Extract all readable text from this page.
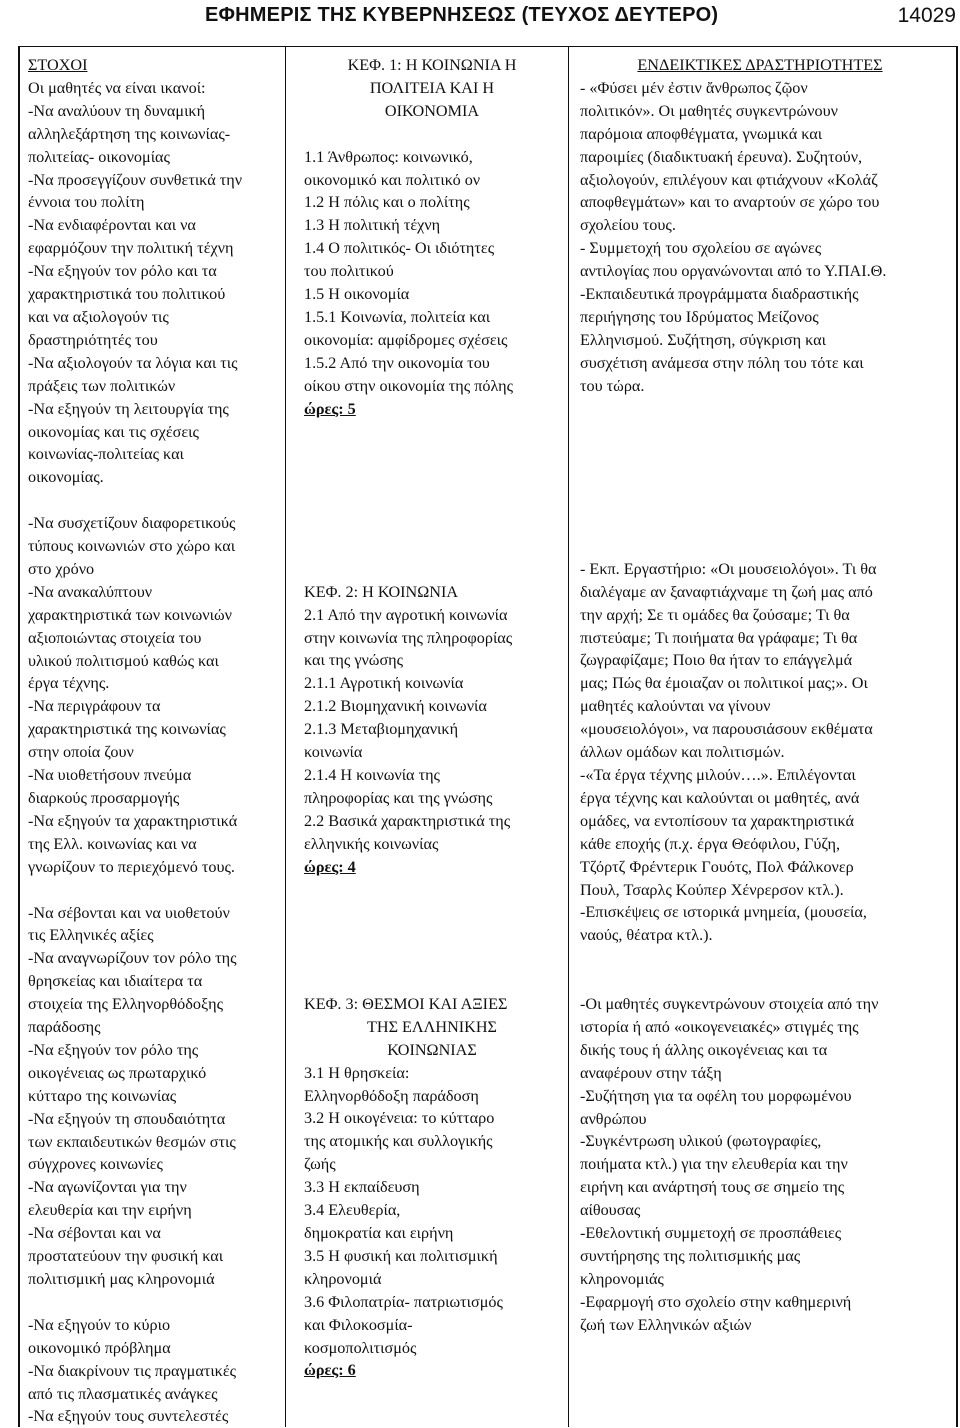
ΕΦΗΜΕΡΙΣ ΤΗΣ ΚΥΒΕΡΝΗΣΕΩΣ (ΤΕΥΧΟΣ ΔΕΥΤΕΡΟ)	14029
ΣΤΟΧΟΙ
Οι μαθητές να είναι ικανοί:
-Να αναλύουν τη δυναμική
αλληλεξάρτηση της κοινωνίας-
πολιτείας- οικονομίας
-Να προσεγγίζουν συνθετικά την
έννοια του πολίτη
-Να ενδιαφέρονται και να
εφαρμόζουν την πολιτική τέχνη
-Να εξηγούν τον ρόλο και τα
χαρακτηριστικά του πολιτικού
και να αξιολογούν τις
δραστηριότητές του
-Να αξιολογούν τα λόγια και τις
πράξεις των πολιτικών
-Να εξηγούν τη λειτουργία της
οικονομίας και τις σχέσεις
κοινωνίας-πολιτείας και
οικονομίας.
-Να συσχετίζουν διαφορετικούς
τύπους κοινωνιών στο χώρο και
στο χρόνο
-Να ανακαλύπτουν
χαρακτηριστικά των κοινωνιών
αξιοποιώντας στοιχεία του
υλικού πολιτισμού καθώς και
έργα τέχνης.
-Να περιγράφουν τα
χαρακτηριστικά της κοινωνίας
στην οποία ζουν
-Να υιοθετήσουν πνεύμα
διαρκούς προσαρμογής
-Να εξηγούν τα χαρακτηριστικά
της Ελλ. κοινωνίας και να
γνωρίζουν το περιεχόμενό τους.
-Να σέβονται και να υιοθετούν
τις Ελληνικές αξίες
-Να αναγνωρίζουν τον ρόλο της
θρησκείας και ιδιαίτερα τα
στοιχεία της Ελληνορθόδοξης
παράδοσης
-Να εξηγούν τον ρόλο της
οικογένειας ως πρωταρχικό
κύτταρο της κοινωνίας
-Να εξηγούν τη σπουδαιότητα
των εκπαιδευτικών θεσμών στις
σύγχρονες κοινωνίες
-Να αγωνίζονται για την
ελευθερία και την ειρήνη
-Να σέβονται και να
προστατεύουν την φυσική και
πολιτισμική μας κληρονομιά
-Να εξηγούν το κύριο
οικονομικό πρόβλημα
-Να διακρίνουν τις πραγματικές
από τις πλασματικές ανάγκες
-Να εξηγούν τους συντελεστές
ΚΕΦ. 1: Η ΚΟΙΝΩΝΙΑ Η
ΠΟΛΙΤΕΙΑ ΚΑΙ Η
ΟΙΚΟΝΟΜΙΑ
1.1 Άνθρωπος: κοινωνικό,
οικονομικό και πολιτικό ον
1.2 Η πόλις και ο πολίτης
1.3 Η πολιτική τέχνη
1.4 Ο πολιτικός- Οι ιδιότητες
του πολιτικού
1.5 Η οικονομία
1.5.1 Κοινωνία, πολιτεία και
οικονομία: αμφίδρομες σχέσεις
1.5.2 Από την οικονομία του
οίκου στην οικονομία της πόλης
ώρες: 5
ΚΕΦ. 2: Η ΚΟΙΝΩΝΙΑ
2.1 Από την αγροτική κοινωνία
στην κοινωνία της πληροφορίας
και της γνώσης
2.1.1 Αγροτική κοινωνία
2.1.2 Βιομηχανική κοινωνία
2.1.3 Μεταβιομηχανική
κοινωνία
2.1.4 Η κοινωνία της
πληροφορίας και της γνώσης
2.2 Βασικά χαρακτηριστικά της
ελληνικής κοινωνίας
ώρες: 4
ΚΕΦ. 3: ΘΕΣΜΟΙ ΚΑΙ ΑΞΙΕΣ
ΤΗΣ ΕΛΛΗΝΙΚΗΣ
ΚΟΙΝΩΝΙΑΣ
3.1 Η θρησκεία:
Ελληνορθόδοξη παράδοση
3.2 Η οικογένεια: το κύτταρο
της ατομικής και συλλογικής
ζωής
3.3 Η εκπαίδευση
3.4 Ελευθερία,
δημοκρατία και ειρήνη
3.5 Η φυσική και πολιτισμική
κληρονομιά
3.6 Φιλοπατρία- πατριωτισμός
και Φιλοκοσμία-
κοσμοπολιτισμός
ώρες: 6
ΕΝΔΕΙΚΤΙΚΕΣ ΔΡΑΣΤΗΡΙΟΤΗΤΕΣ
- «Φύσει μέν ἐστιν ἄνθρωπος ζῷον
πολιτικόν». Οι μαθητές συγκεντρώνουν
παρόμοια αποφθέγματα, γνωμικά και
παροιμίες (διαδικτυακή έρευνα). Συζητούν,
αξιολογούν, επιλέγουν και φτιάχνουν «Κολάζ
αποφθεγμάτων» και το αναρτούν σε χώρο του
σχολείου τους.
- Συμμετοχή του σχολείου σε αγώνες
αντιλογίας που οργανώνονται από το Υ.ΠΑΙ.Θ.
-Εκπαιδευτικά προγράμματα διαδραστικής
περιήγησης του Ιδρύματος Μείζονος
Ελληνισμού. Συζήτηση, σύγκριση και
συσχέτιση ανάμεσα στην πόλη του τότε και
του τώρα.
- Εκπ. Εργαστήριο: «Οι μουσειολόγοι». Τι θα
διαλέγαμε αν ξαναφτιάχναμε τη ζωή μας από
την αρχή; Σε τι ομάδες θα ζούσαμε; Τι θα
πιστεύαμε; Τι ποιήματα θα γράφαμε; Τι θα
ζωγραφίζαμε; Ποιο θα ήταν το επάγγελμά
μας; Πώς θα έμοιαζαν οι πολιτικοί μας;». Οι
μαθητές καλούνται να γίνουν
«μουσειολόγοι», να παρουσιάσουν εκθέματα
άλλων ομάδων και πολιτισμών.
-«Τα έργα τέχνης μιλούν….». Επιλέγονται
έργα τέχνης και καλούνται οι μαθητές, ανά
ομάδες, να εντοπίσουν τα χαρακτηριστικά
κάθε εποχής (π.χ. έργα Θεόφιλου, Γύζη,
Τζόρτζ Φρέντερικ Γουότς, Πολ Φάλκονερ
Πουλ, Τσαρλς Κούπερ Χένρερσον κτλ.).
-Επισκέψεις σε ιστορικά μνημεία, (μουσεία,
ναούς, θέατρα κτλ.).
-Οι μαθητές συγκεντρώνουν στοιχεία από την
ιστορία ή από «οικογενειακές» στιγμές της
δικής τους ή άλλης οικογένειας και τα
αναφέρουν στην τάξη
-Συζήτηση για τα οφέλη του μορφωμένου
ανθρώπου
-Συγκέντρωση υλικού (φωτογραφίες,
ποιήματα κτλ.) για την ελευθερία και την
ειρήνη και ανάρτησή τους σε σημείο της
αίθουσας
-Εθελοντική συμμετοχή σε προσπάθειες
συντήρησης της πολιτισμικής μας
κληρονομιάς
-Εφαρμογή στο σχολείο στην καθημερινή
ζωή των Ελληνικών αξιών
